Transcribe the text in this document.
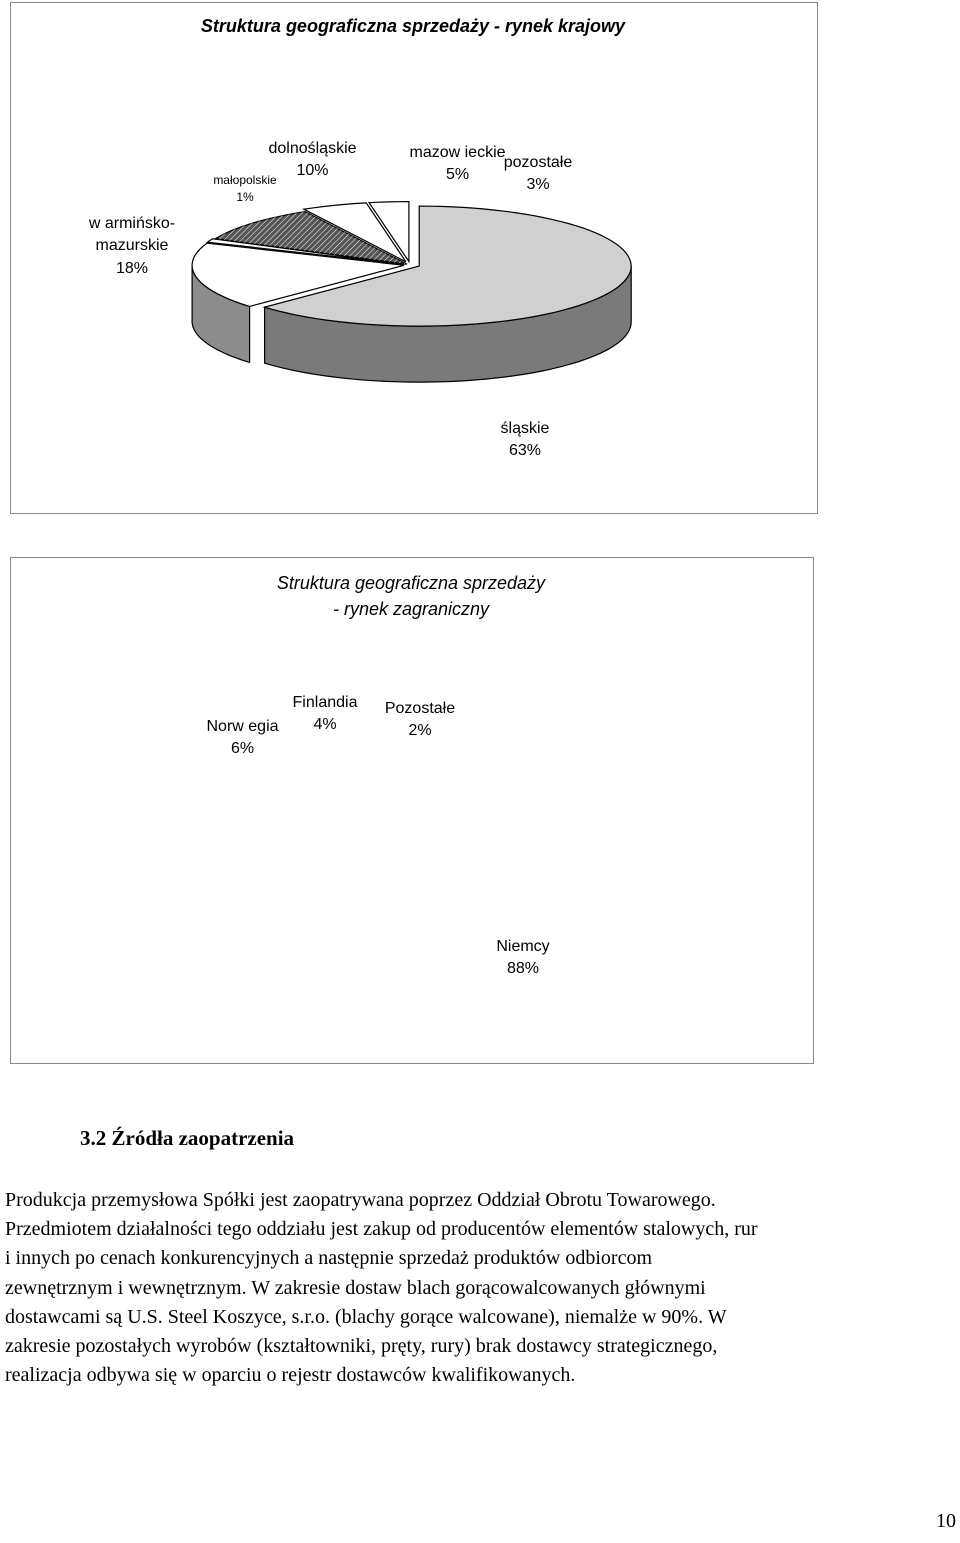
Struktura geograficzna sprzedaży - rynek krajowy
dolnośląskie
10%
małopolskie
1%
mazow ieckie
5%
pozostałe
3%
w armińsko-
mazurskie
18%
śląskie
63%
Struktura geograficzna sprzedaży
- rynek zagraniczny
Norw egia
6%
Finlandia
4%
Pozostałe
2%
Niemcy
88%
3.2 Źródła zaopatrzenia

Produkcja przemysłowa Spółki jest zaopatrywana poprzez Oddział Obrotu Towarowego.
Przedmiotem działalności tego oddziału jest zakup od producentów elementów stalowych, rur
i innych po cenach konkurencyjnych a następnie sprzedaż produktów odbiorcom
zewnętrznym i wewnętrznym. W zakresie dostaw blach gorącowalcowanych głównymi
dostawcami są U.S. Steel Koszyce, s.r.o. (blachy gorące walcowane), niemalże w 90%. W
zakresie pozostałych wyrobów (kształtowniki, pręty, rury) brak dostawcy strategicznego,
realizacja odbywa się w oparciu o rejestr dostawców kwalifikowanych.

10
